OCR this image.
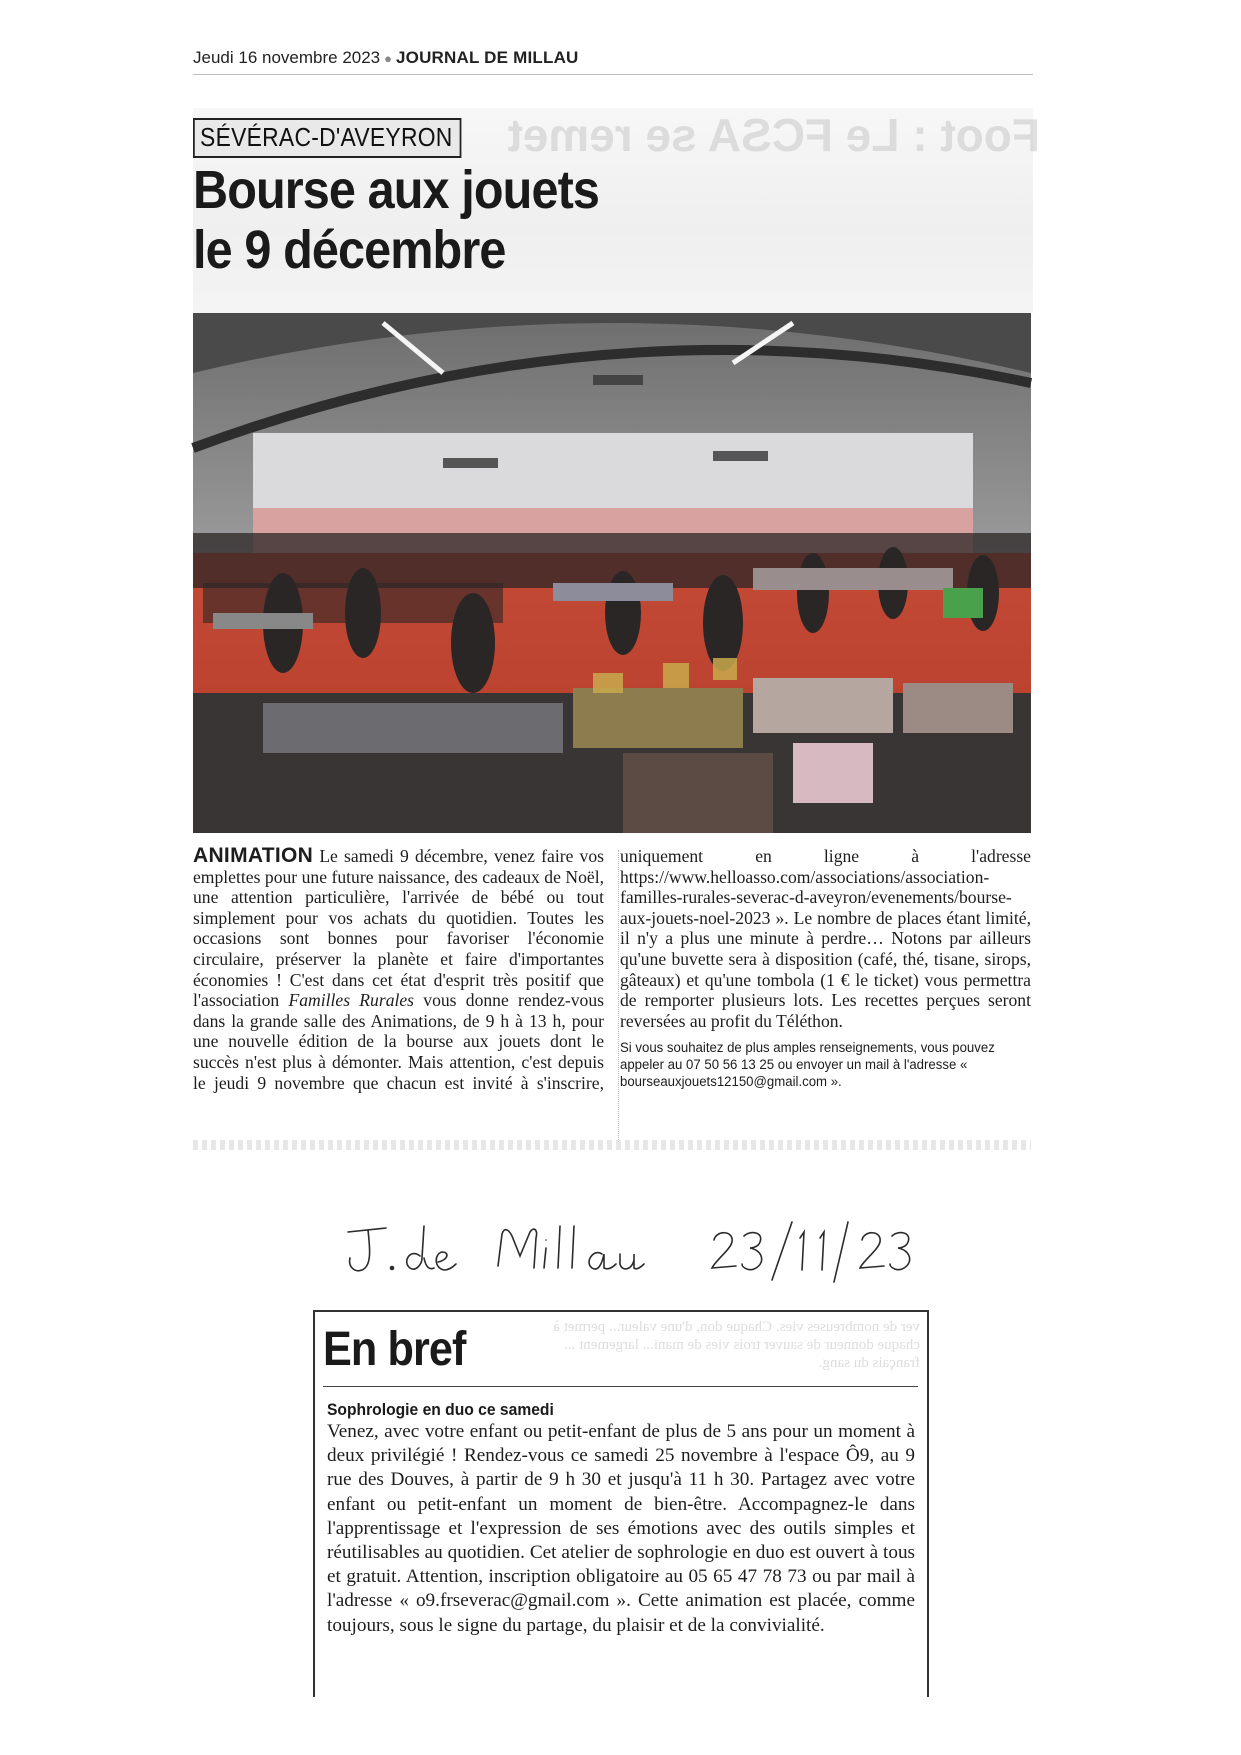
Jeudi 16 novembre 2023 ● JOURNAL DE MILLAU
Foot : Le FCSA se remet
SÉVÉRAC-D'AVEYRON
Bourse aux jouets
le 9 décembre

ANIMATION Le samedi 9 décembre, venez faire vos emplettes pour une future naissance, des cadeaux de Noël, une attention particulière, l'arrivée de bébé ou tout simplement pour vos achats du quotidien. Toutes les occasions sont bonnes pour favoriser l'économie circulaire, préserver la planète et faire d'importantes économies ! C'est dans cet état d'esprit très positif que l'association Familles Rurales vous donne rendez-vous dans la grande salle des Animations, de 9 h à 13 h, pour une nouvelle édition de la bourse aux jouets dont le succès n'est plus à démonter. Mais attention, c'est depuis le jeudi 9 novembre que chacun est invité à s'inscrire, uniquement en ligne à l'adresse https://www.helloasso.com/associations/association-familles-rurales-severac-d-aveyron/evenements/bourse-aux-jouets-noel-2023 ». Le nombre de places étant limité, il n'y a plus une minute à perdre… Notons par ailleurs qu'une buvette sera à disposition (café, thé, tisane, sirops, gâteaux) et qu'une tombola (1 € le ticket) vous permettra de remporter plusieurs lots. Les recettes perçues seront reversées au profit du Téléthon.

Si vous souhaitez de plus amples renseignements, vous pouvez appeler au 07 50 56 13 25 ou envoyer un mail à l'adresse « bourseauxjouets12150@gmail.com ».

ver de nombreuses vies. Chaque don, d'une valeur... permet à chaque donneur de sauver trois vies de mani... largement ... français du sang.
En bref
Sophrologie en duo ce samedi
Venez, avec votre enfant ou petit-enfant de plus de 5 ans pour un moment à deux privilégié ! Rendez-vous ce samedi 25 novembre à l'espace Ô9, au 9 rue des Douves, à partir de 9 h 30 et jusqu'à 11 h 30. Partagez avec votre enfant ou petit-enfant un moment de bien-être. Accompagnez-le dans l'apprentissage et l'expression de ses émotions avec des outils simples et réutilisables au quotidien. Cet atelier de sophrologie en duo est ouvert à tous et gratuit. Attention, inscription obligatoire au 05 65 47 78 73 ou par mail à l'adresse « o9.frseverac@gmail.com ». Cette animation est placée, comme toujours, sous le signe du partage, du plaisir et de la convivialité.
